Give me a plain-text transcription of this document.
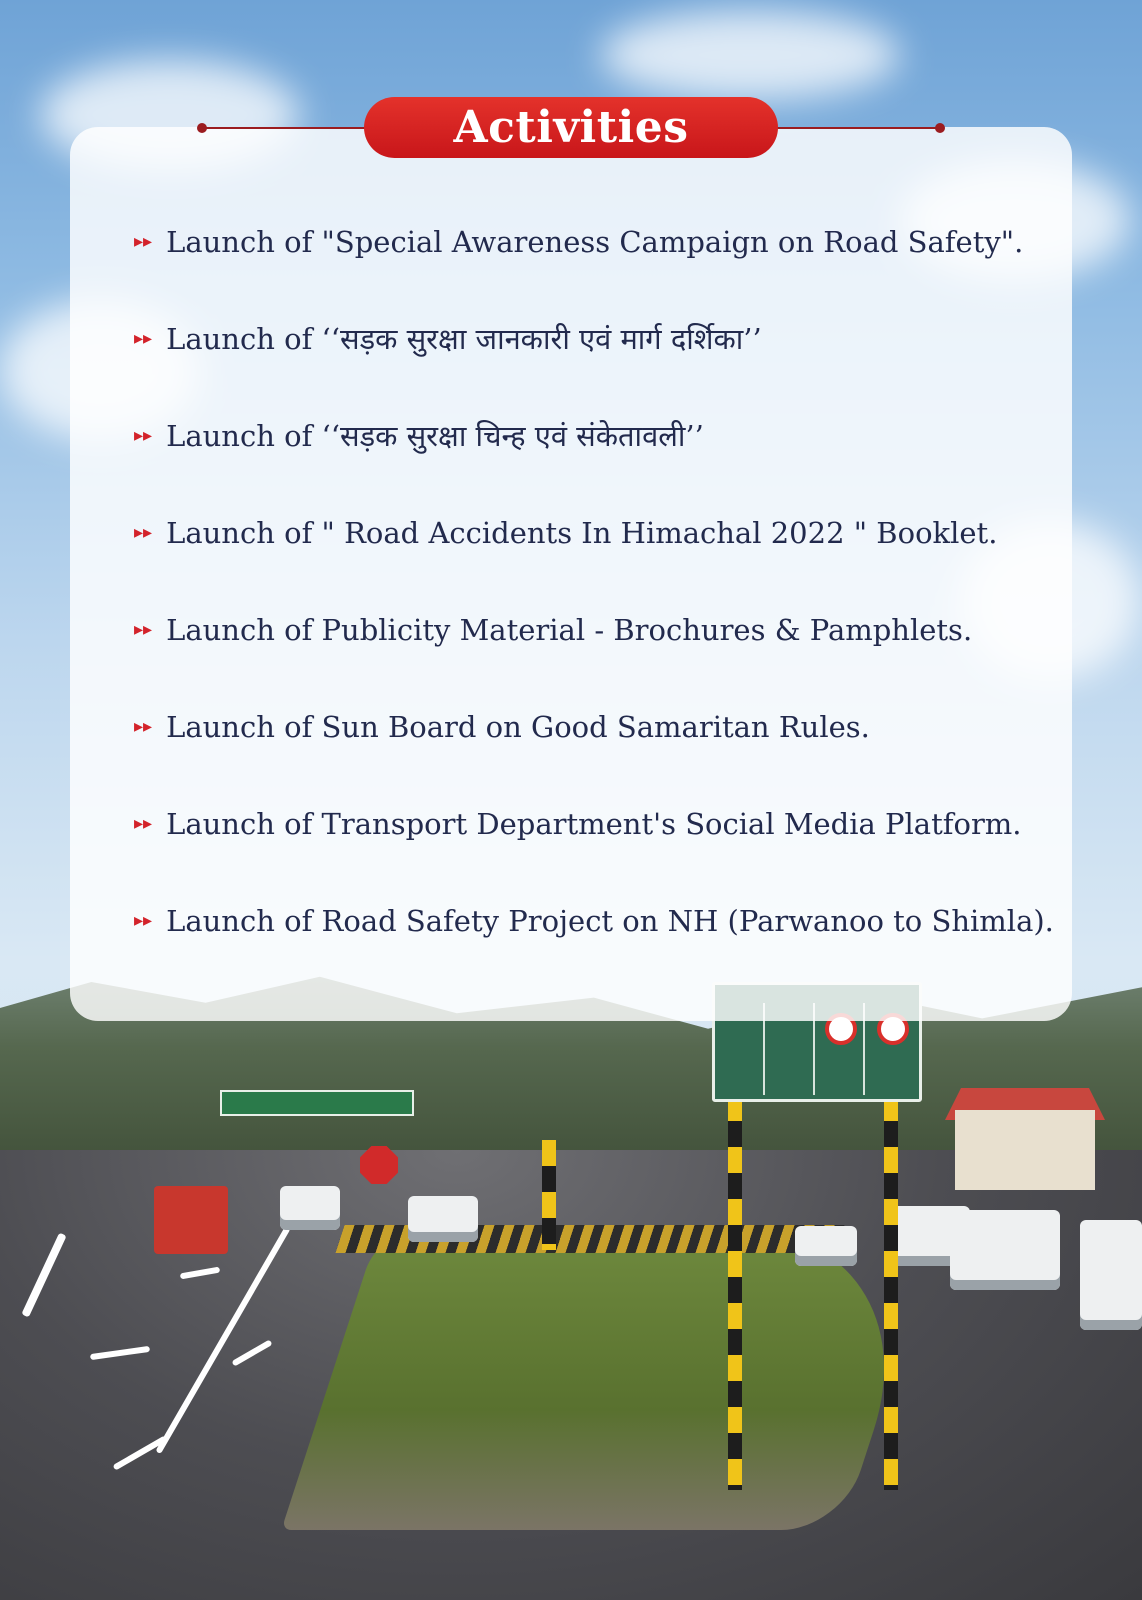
Activities
▸▸ Launch of "Special Awareness Campaign on Road Safety".
▸▸ Launch of ‘‘सड़क सुरक्षा जानकारी एवं मार्ग दर्शिका’’
▸▸ Launch of ‘‘सड़क सुरक्षा चिन्ह एवं संकेतावली’’
▸▸ Launch of " Road Accidents In Himachal 2022 " Booklet.
▸▸ Launch of Publicity Material - Brochures & Pamphlets.
▸▸ Launch of Sun Board on Good Samaritan Rules.
▸▸ Launch of Transport Department's Social Media Platform.
▸▸ Launch of Road Safety Project on NH (Parwanoo to Shimla).
